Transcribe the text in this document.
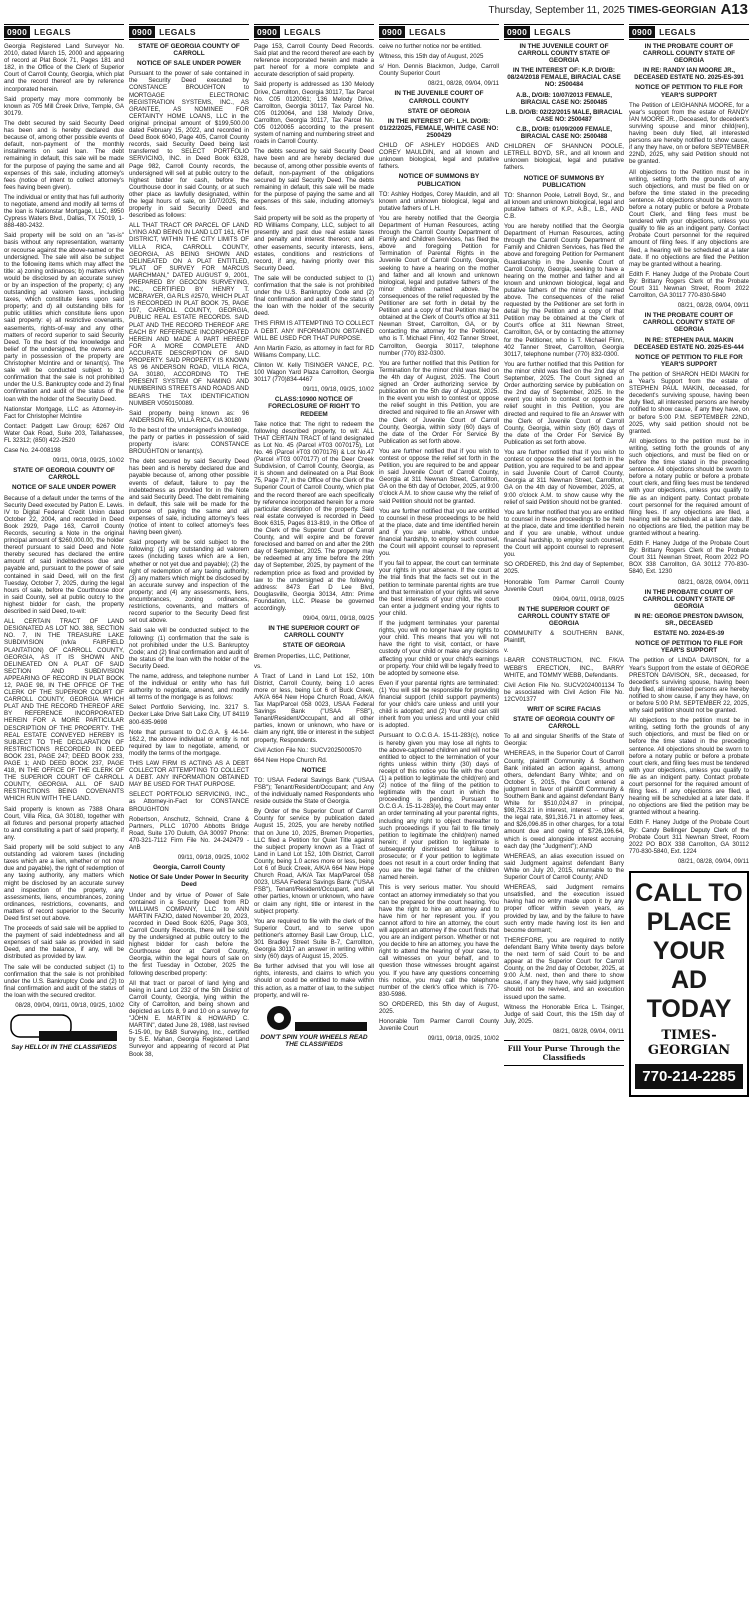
Thursday, September 11, 2025 TIMES-GEORGIAN A13
0900 LEGALS

Georgia Registered Land Surveyor No. 2010, dated March 15, 2000 and appearing of record at Plat Book 71, Pages 181 and 182, in the Office of the Clerk of Superior Court of Carroll County, Georgia, which plat and the record thereof are by reference incorporated herein.

Said property may more commonly be known as 705 Mill Creek Drive, Temple, GA 30179.

The debt secured by said Security Deed has been and is hereby declared due because of, among other possible events of default, non-payment of the monthly installments on said loan. The debt remaining in default, this sale will be made for the purpose of paying the same and all expenses of this sale, including attorney's fees (notice of intent to collect attorney's fees having been given).

The individual or entity that has full authority to negotiate, amend and modify all terms of the loan is Nationstar Mortgage, LLC, 8950 Cypress Waters Blvd., Dallas, TX 75019, 1-888-480-2432.

Said property will be sold on an "as-is" basis without any representation, warranty or recourse against the above-named or the undersigned. The sale will also be subject to the following items which may affect the title: a) zoning ordinances; b) matters which would be disclosed by an accurate survey or by an inspection of the property; c) any outstanding ad valorem taxes, including taxes, which constitute liens upon said property; and d) all outstanding bills for public utilities which constitute liens upon said property: e) all restrictive covenants, easements, rights-of-way and any other matters of record superior to said Security Deed. To the best of the knowledge and belief of the undersigned, the owners and party in possession of the property are Christopher McIntire and or tenant(s). The sale will be conducted subject to 1) confirmation that the sale is not prohibited under the U.S. Bankruptcy code and 2) final confirmation and audit of the status of the loan with the holder of the Security Deed.

Nationstar Mortgage, LLC as Attorney-in-Fact for Christopher McIntire

Contact: Padgett Law Group; 6267 Old Water Oak Road, Suite 203, Tallahassee, FL 32312; (850) 422-2520

Case No. 24-008198

09/11, 09/18, 09/25, 10/02

STATE OF GEORGIA COUNTY OF CARROLL

NOTICE OF SALE UNDER POWER

Because of a default under the terms of the Security Deed executed by Patton E. Lewis. IV to Digital Federal Credit Union dated October 22, 2004, and recorded in Deed Book 2929, Page 163, Carroll County Records, securing a Note in the original principal amount of $260,000.00, the holder thereof pursuant to said Deed and Note thereby secured has declared the entire amount of said indebtedness due and payable and, pursuant to the power of sale contained in said Deed, will on the first Tuesday, October 7, 2025, during the legal hours of sale, before the Courthouse door in said County, sell at public outcry to the highest bidder for cash, the property described in said Deed, to-wit:

ALL CERTAIN TRACT OF LAND DESIGNATED AS LOT NO. 388, SECTION NO. 7, IN THE TREASURE LAKE SUBDIVISION (n/k/a FAIRFIELD PLANTATION) OF CARROLL COUNTY, GEORGIA, AS IT IS SHOWN AND DELINEATED ON A PLAT OF SAID SECTION AND SUBDIVISION APPEARING OF RECORD IN PLAT BOOK 12, PAGE 98, IN THE OFFICE OF THE CLERK OF THE SUPERIOR COURT OF CARROLL COUNTY, GEORGIA WHICH PLAT AND THE RECORD THEREOF ARE BY REFERENCE INCORPORATED HEREIN FOR A MORE PARTICULAR DESCRIPTION OF THE PROPERTY. THE REAL ESTATE CONVEYED HEREBY IS SUBJECT TO THE DECLARATION OF RESTRICTIONS RECORDED IN DEED BOOK 231, PAGE 247; DEED BOOK 233, PAGE 1; AND DEED BOOK 237, PAGE 418, IN THE OFFICE OF THE CLERK OF THE SUPERIOR COURT OF CARROLL COUNTY, GEORGIA. ALL OF SAID RESTRICTIONS BEING COVENANTS WHICH RUN WITH THE LAND.

Said property is known as 7388 Ohara Court, Villa Rica, GA 30180, together with all fixtures and personal property attached to and constituting a part of said property, if any.

Said property will be sold subject to any outstanding ad valorem taxes (including taxes which are a lien, whether or not now due and payable), the right of redemption of any taxing authority, any matters which might be disclosed by an accurate survey and inspection of the property, any assessments, liens, encumbrances, zoning ordinances, restrictions, covenants, and matters of record superior to the Security Deed first set out above.

The proceeds of said sale will be applied to the payment of said indebtedness and all expenses of said sale as provided in said Deed, and the balance, if any, will be distributed as provided by law.

The sale will be conducted subject (1) to confirmation that the sale is not prohibited under the U.S. Bankruptcy Code and (2) to final confirmation and audit of the status of the loan with the secured creditor.

08/28, 09/04, 09/11, 09/18, 09/25, 10/02

Say HELLO! IN THE CLASSIFIEDS
0900 LEGALS

STATE OF GEORGIA COUNTY OF CARROLL

NOTICE OF SALE UNDER POWER

Pursuant to the power of sale contained in the Security Deed executed by CONSTANCE BROUGHTON to MORTGAGE ELECTRONIC REGISTRATION SYSTEMS, INC., AS GRANTEE, AS NOMINEE FOR CERTAINTY HOME LOANS, LLC in the original principal amount of $199,500.00 dated February 15, 2022, and recorded in Deed Book 6040, Page 405, Carroll County records, said Security Deed being last transferred to SELECT PORTFOLIO SERVICING, INC. in Deed Book 6328, Page 982, Carroll County records, the undersigned will sell at public outcry to the highest bidder for cash, before the Courthouse door in said County, or at such other place as lawfully designated, within the legal hours of sale, on 10/7/2025, the property in said Security Deed and described as follows:

ALL THAT TRACT OR PARCEL OF LAND LYING AND BEING IN LAND LOT 161, 6TH DISTRICT, WITHIN THE CITY LIMITS OF VILLA RICA, CARROLL COUNTY, GEORGIA, AS BEING SHOWN AND DELINEATED ON A PLAT ENTITLED, "PLAT OF SURVEY FOR MARCUS MARCHMAN," DATED AUGUST 9, 2001, PREPARED BY GEOCON SURVEYING, INC., CERTIFIED BY HENRY T. MCBRAYER, GA RLS #2570, WHICH PLAT IS RECORDED IN PLAT BOOK 75, PAGE 197, CARROLL COUNTY, GEORGIA, PUBLIC REAL ESTATE RECORDS. SAID PLAT AND THE RECORD THEREOF ARE EACH BY REFERENCE INCORPORATED HEREIN AND MADE A PART HEREOF FOR A MORE COMPLETE AND ACCURATE DESCRIPTION OF SAID PROPERTY. SAID PROPERTY IS KNOWN AS 96 ANDERSON ROAD, VILLA RICA, GA 30180, ACCORDING TO THE PRESENT SYSTEM OF NAMING AND NUMBERING STREETS AND ROADS AND BEARS THE TAX IDENTIFICATION NUMBER V050150089.

Said property being known as: 96 ANDERSON RD, VILLA RICA, GA 30180

To the best of the undersigned's knowledge, the party or parties in possession of said property is/are: CONSTANCE BROUGHTON or tenant(s).

The debt secured by said Security Deed has been and is hereby declared due and payable because of, among other possible events of default, failure to pay the indebtedness as provided for in the Note and said Security Deed. The debt remaining in default, this sale will be made for the purpose of paying the same and all expenses of sale, including attorney's fees (notice of intent to collect attorney's fees having been given).

Said property will be sold subject to the following: (1) any outstanding ad valorem taxes (including taxes which are a lien, whether or not yet due and payable); (2) the right of redemption of any taxing authority; (3) any matters which might be disclosed by an accurate survey and inspection of the property; and (4) any assessments, liens, encumbrances, zoning ordinances, restrictions, covenants, and matters of record superior to the Security Deed first set out above.

Said sale will be conducted subject to the following: (1) confirmation that the sale is not prohibited under the U.S. Bankruptcy Code; and (2) final confirmation and audit of the status of the loan with the holder of the Security Deed.

The name, address, and telephone number of the individual or entity who has full authority to negotiate, amend, and modify all terms of the mortgage is as follows:

Select Portfolio Servicing, Inc. 3217 S. Decker Lake Drive Salt Lake City, UT 84119 800-635-9698

Note that pursuant to O.C.G.A. § 44-14-162.2, the above individual or entity is not required by law to negotiate, amend, or modify the terms of the mortgage.

THIS LAW FIRM IS ACTING AS A DEBT COLLECTOR ATTEMPTING TO COLLECT A DEBT. ANY INFORMATION OBTAINED MAY BE USED FOR THAT PURPOSE.

SELECT PORTFOLIO SERVICING, INC., as Attorney-in-Fact for CONSTANCE BROUGHTON

Robertson, Anschutz, Schneid, Crane & Partners, PLLC 10700 Abbotts Bridge Road, Suite 170 Duluth, GA 30097 Phone: 470-321-7112 Firm File No. 24-242479 - AnB

09/11, 09/18, 09/25, 10/02

Georgia, Carroll County

Notice Of Sale Under Power In Security Deed

Under and by virtue of Power of Sale contained in a Security Deed from RD WILLIAMS COMPANY, LLC to ANN MARTIN FAZIO, dated November 20, 2023, recorded in Deed Book 6205, Page 303, Carroll County Records, there will be sold by the undersigned at public outcry to the highest bidder for cash before the Courthouse door at Carroll County, Georgia, within the legal hours of sale on the first Tuesday in October, 2025 the following described property:

All that tract or parcel of land lying and being in Land Lot 232 of the 5th District of Carroll County, Georgia, lying within the City of Carrollton, and being shown and depicted as Lots 8, 9 and 10 on a survey for "JOHN E. MARTIN & HOWARD C. MARTIN", dated June 28, 1988, last revised 5-15-90, by B&B Surveying, Inc., certified by S.E. Mahan, Georgia Registered Land Surveyor and appearing of record at Plat Book 38,

0900 LEGALS

Page 153, Carroll County Deed Records. Said plat and the record thereof are each by reference incorporated herein and made a part hereof for a more complete and accurate description of said property.

Said property is addressed as 130 Melody Drive, Carrollton, Georgia 30117, Tax Parcel No. C05 0120061; 136 Melody Drive, Carrollton, Georgia 30117, Tax Parcel No. C05 0120064, and 138 Melody Drive, Carrollton, Georgia 30117, Tax Parcel No. C05 0120065 according to the present system of naming and numbering street and roads in Carroll County.

The debts secured by said Security Deed have been and are hereby declared due because of, among other possible events of default, non-payment of the obligations secured by said Security Deed. The debts remaining in default, this sale will be made for the purpose of paying the same and all expenses of this sale, including attorney's fees.

Said property will be sold as the property of RD Williams Company, LLC, subject to all presently and past due real estate taxes and penalty and interest thereon; and all other easements, security interests, liens, estates, conditions and restrictions of record, if any, having priority over this Security Deed.

The sale will be conducted subject to (1) confirmation that the sale is not prohibited under the U.S. Bankruptcy Code and (2) final confirmation and audit of the status of the loan with the holder of the security deed.

THIS FIRM IS ATTEMPTING TO COLLECT A DEBT. ANY INFORMATION OBTAINED WILL BE USED FOR THAT PURPOSE.

Ann Martin Fazio, as attorney in fact for RD Williams Company, LLC.

Clinton W. Kelly TISINGER VANCE, P.C. 100 Wagon Yard Plaza Carrollton, Georgia 30117 (770)834-4467

09/11, 09/18, 09/25, 10/02

CLASS:10900 NOTICE OF FORECLOSURE OF RIGHT TO REDEEM

Take notice that: The right to redeem the following described property, to wit: ALL THAT CERTAIN TRACT of land designated as Lot No. 45 (Parcel #T03 0070175), Lot No. 46 (Parcel #T03 0070176) & Lot No.47 (Parcel #T03 0070177) of the Deer Creek Subdivision, of Carroll County, Georgia, as it is shown and delineated on a Plat Book 75, Page 77, in the Office of the Clerk of the Superior Court of Carroll County, which plat and the record thereof are each specifically by reference incorporated herein for a more particular description of the property. Said real estate conveyed is recorded in Deed Book 6315, Pages 813-819, in the Office of the Clerk of the Superior Court of Carroll County, and will expire and be forever foreclosed and barred on and after the 29th day of September, 2025. The property may be redeemed at any time before the 29th day of September, 2025, by payment of the redemption price as fixed and provided by law to the undersigned at the following address: 8473 Earl D Lee Blvd, Douglasville, Georgia 30134, Attn: Prime Foundation, LLC. Please be governed accordingly.

09/04, 09/11, 09/18, 09/25

IN THE SUPERIOR COURT OF CARROLL COUNTY

STATE OF GEORGIA

Bremen Properties, LLC, Petitioner,

vs.

A Tract of Land in Land Lot 152, 10th District, Carroll County, being 1.0 acres more or less, being Lot 6 of Buck Creek, A/K/A 664 New Hope Church Road, A/K/A Tax Map/Parcel 058 0023, USAA Federal Savings Bank ("USAA FSB"), Tenant/Resident/Occupant, and all other parties, known or unknown, who have or claim any right, title or interest in the subject property, Respondents.

Civil Action File No.: SUCV2025000570

664 New Hope Church Rd.

NOTICE

TO: USAA Federal Savings Bank ("USAA FSB"); Tenant/Resident/Occupant; and Any of the individually named Respondents who reside outside the State of Georgia.

By Order of the Superior Court of Carroll County for service by publication dated August 15, 2025, you are hereby notified that on June 10, 2025, Bremen Properties, LLC filed a Petition for Quiet Title against the subject property known as a Tract of Land in Land Lot 152, 10th District, Carroll County, being 1.0 acres more or less, being Lot 6 of Buck Creek, A/K/A 664 New Hope Church Road, A/K/A Tax Map/Parcel 058 0023, USAA Federal Savings Bank ("USAA FSB"), Tenant/Resident/Occupant, and all other parties, known or unknown, who have or claim any right, title or interest in the subject property.

You are required to file with the clerk of the Superior Court, and to serve upon petitioner's attorney Basil Law Group, LLC, 301 Bradley Street Suite B-7, Carrollton, Georgia 30117 an answer in writing within sixty (60) days of August 15, 2025.

Be further advised that you will lose all rights, interests, and claims to which you should or could be entitled to make within this action, as a matter of law, to the subject property, and will re-

DON'T SPIN YOUR WHEELS READ THE CLASSIFIEDS
0900 LEGALS

ceive no further notice nor be entitled.

Witness, this 15th day of August, 2025

s/ Hon. Dennis Blackmon, Judge, Carroll County Superior Court

08/21, 08/28, 09/04, 09/11

IN THE JUVENILE COURT OF CARROLL COUNTY

STATE OF GEORGIA

IN THE INTEREST OF: L.H. D/O/B: 01/22/2025, FEMALE, WHITE CASE NO: 2500429

CHILD OF ASHLEY HODGES AND COREY MAULDIN, and all known and unknown biological, legal and putative fathers.

NOTICE OF SUMMONS BY PUBLICATION

TO: Ashley Hodges, Corey Mauldin, and all known and unknown biological, legal and putative fathers of L.H.

You are hereby notified that the Georgia Department of Human Resources, acting through the Carroll County Department of Family and Children Services, has filed the above and foregoing Petition for Termination of Parental Rights in the Juvenile Court of Carroll County, Georgia, seeking to have a hearing on the mother and father and all known and unknown biological, legal and putative fathers of the minor children named above. The consequences of the relief requested by the Petitioner are set forth in detail by the Petition and a copy of that Petition may be obtained at the Clerk of Court's office at 311 Newnan Street, Carrollton, GA, or by contacting the attorney for the Petitioner, who is T. Michael Flinn, 402 Tanner Street, Carrollton, Georgia 30117, telephone number (770) 832-0300.

You are further notified that this Petition for Termination for the minor child was filed on the 4th day of August, 2025. The Court signed an Order authorizing service by publication on the 5th day of August, 2025. In the event you wish to contest or oppose the relief sought in this Petition, you are directed and required to file an Answer with the Clerk of Juvenile Court of Carroll County, Georgia, within sixty (60) days of the date of the Order For Service By Publication as set forth above.

You are further notified that if you wish to contest or oppose the relief set forth in the Petition, you are required to be and appear in said Juvenile Court of Carroll County, Georgia at 311 Newnan Street, Carrollton, GA on the 6th day of October, 2025, at 9:00 o'clock A.M. to show cause why the relief of said Petition should not be granted.

You are further notified that you are entitled to counsel in these proceedings to be held at the place, date and time identified herein and if you are unable, without undue financial hardship, to employ such counsel, the Court will appoint counsel to represent you.

If you fail to appear, the court can terminate your rights in your absence. If the court at the trial finds that the facts set out in the petition to terminate parental rights are true and that termination of your rights will serve the best interests of your child, the court can enter a judgment ending your rights to your child.

If the judgment terminates your parental rights, you will no longer have any rights to your child. This means that you will not have the right to visit, contact, or have custody of your child or make any decisions affecting your child or your child's earnings or property. Your child will be legally freed to be adopted by someone else.

Even if your parental rights are terminated: (1) You will still be responsible for providing financial support (child support payments) for your child's care unless and until your child is adopted; and (2) Your child can still inherit from you unless and until your child is adopted.

Pursuant to O.C.G.A. 15-11-283(c), notice is hereby given you may lose all rights to the above-captioned children and will not be entitled to object to the termination of your rights unless within thirty (30) days of receipt of this notice you file with the court (1) a petition to legitimate the child(ren) and (2) notice of the filing of the petition to legitimate with the court in which the proceeding is pending. Pursuant to O.C.G.A. 15-11-283(e), the Court may enter an order terminating all your parental rights, including any right to object thereafter to such proceedings if you fail to file timely petition to legitimate the child(ren) named herein; if your petition to legitimate is subsequently dismissed for failure to prosecute; or if your petition to legitimate does not result in a court order finding that you are the legal father of the children named herein.

This is very serious matter. You should contact an attorney immediately so that you can be prepared for the court hearing. You have the right to hire an attorney and to have him or her represent you. If you cannot afford to hire an attorney, the court will appoint an attorney if the court finds that you are an indigent person. Whether or not you decide to hire an attorney, you have the right to attend the hearing of your case, to call witnesses on your behalf, and to question those witnesses brought against you. If you have any questions concerning this notice, you may call the telephone number of the clerk's office which is 770-830-5986.

SO ORDERED, this 5th day of August, 2025.

Honorable Tom Parmer Carroll County Juvenile Court

09/11, 09/18, 09/25, 10/02

0900 LEGALS

IN THE JUVENILE COURT OF CARROLL COUNTY STATE OF GEORGIA

IN THE INTEREST OF: K.P. D/O/B: 08/24/2018 FEMALE, BIRACIAL CASE NO: 2500484

A.B., D/O/B: 10/07/2013 FEMALE, BIRACIAL CASE NO: 2500485

L.B. D/O/B: 02/22/2015 MALE, BIRACIAL CASE NO: 2500487

C.B., D/O/B: 01/09/2009 FEMALE, BIRACIAL CASE NO: 2500488

CHILDREN OF SHANNON POOLE, LETRELL BOYD, SR., and all known and unknown biological, legal and putative fathers.

NOTICE OF SUMMONS BY PUBLICATION

TO: Shannon Poole, Letrell Boyd, Sr., and all known and unknown biological, legal and putative fathers of K.P., A.B., L.B., AND C.B.

You are hereby notified that the Georgia Department of Human Resources, acting through the Carroll County Department of Family and Children Services, has filed the above and foregoing Petition for Permanent Guardianship in the Juvenile Court of Carroll County, Georgia, seeking to have a hearing on the mother and father and all known and unknown biological, legal and putative fathers of the minor child named above. The consequences of the relief requested by the Petitioner are set forth in detail by the Petition and a copy of that Petition may be obtained at the Clerk of Court's office at 311 Newnan Street, Carrollton, GA, or by contacting the attorney for the Petitioner, who is T. Michael Flinn, 402 Tanner Street, Carrollton, Georgia 30117, telephone number (770) 832-0300.

You are further notified that this Petition for the minor child was filed on the 2nd day of September, 2025. The Court signed an Order authorizing service by publication on the 2nd day of September, 2025. In the event you wish to contest or oppose the relief sought in this Petition, you are directed and required to file an Answer with the Clerk of Juvenile Court of Carroll County, Georgia, within sixty (60) days of the date of the Order For Service By Publication as set forth above.

You are further notified that if you wish to contest or oppose the relief set forth in the Petition, you are required to be and appear in said Juvenile Court of Carroll County, Georgia at 311 Newnan Street, Carrollton, GA on the 4th day of November, 2025, at 9:00 o'clock A.M. to show cause why the relief of said Petition should not be granted.

You are further notified that you are entitled to counsel in these proceedings to be held at the place, date and time identified herein and if you are unable, without undue financial hardship, to employ such counsel, the Court will appoint counsel to represent you.

SO ORDERED, this 2nd day of September, 2025.

Honorable Tom Parmer Carroll County Juvenile Court

09/04, 09/11, 09/18, 09/25

IN THE SUPERIOR COURT OF CARROLL COUNTY STATE OF GEORGIA

COMMUNITY & SOUTHERN BANK, Plaintiff,

v.

I-BARR CONSTRUCTION, INC. F/K/A WEBB'S ERECTION, INC., BARRY WHITE, and TOMMY WEBB, Defendants.

Civil Action File No. SUCV2024001134 To be associated with Civil Action File No. 12CV01377

WRIT OF SCIRE FACIAS

STATE OF GEORGIA COUNTY OF CARROLL

To all and singular Sheriffs of the State of Georgia:

WHEREAS, in the Superior Court of Carroll County, plaintiff Community & Southern Bank initiated an action against, among others, defendant Barry White; and on October 5, 2015, the Court entered a judgment in favor of plaintiff Community & Southern Bank and against defendant Barry White for $510,024.87 in principal, $98,753.21 in interest, interest -- other at the legal rate, $91,316.71 in attorney fees, and $26,096.85 in other charges, for a total amount due and owing of $726,196.64, which is owed alongside interest accruing each day (the "Judgment"); AND

WHEREAS, an alias execution issued on said Judgment against defendant Barry White on July 20, 2015, returnable to the Superior Court of Carroll County; AND

WHEREAS, said Judgment remains unsatisfied, and the execution issued having had no entry made upon it by any proper officer within seven years, as provided by law, and by the failure to have such entry made having lost its lien and become dormant;

THEREFORE, you are required to notify defendant Barry White twenty days before the next term of said Court to be and appear at the Superior Court for Carroll County, on the 2nd day of October, 2025, at 9:00 A.M. next, then and there to show cause, if any they have, why said judgment should not be revived, and an execution issued upon the same.

Witness the Honorable Erica L. Tisinger, Judge of said Court, this the 15th day of July, 2025.

08/21, 08/28, 09/04, 09/11

Fill Your Purse Through the Classifieds
0900 LEGALS

IN THE PROBATE COURT OF CARROLL COUNTY STATE OF GEORGIA

IN RE: RANDY IAN MOORE JR., DECEASED ESTATE NO. 2025-ES-391

NOTICE OF PETITION TO FILE FOR YEAR'S SUPPORT

The Petition of LEIGHANNA MOORE, for a year's support from the estate of RANDY IAN MOORE JR., Deceased, for decedent's surviving spouse and minor child(ren), having been duly filed, all interested persons are hereby notified to show cause, if any they have, on or before SEPTEMBER 22ND, 2025, why said Petition should not be granted.

All objections to the Petition must be in writing, setting forth the grounds of any such objections, and must be filed on or before the time stated in the preceding sentence. All objections should be sworn to before a notary public or before a Probate Court Clerk, and filing fees must be tendered with your objections, unless you qualify to file as an indigent party. Contact Probate Court personnel for the required amount of filing fees. If any objections are filed, a hearing will be scheduled at a later date. If no objections are filed the Petition may be granted without a hearing.

Edith F. Haney Judge of the Probate Court By: Brittany Rogers Clerk of the Probate Court 311 Newnan Street, Room 2022 Carrollton, GA 30117 770-830-5840

08/21, 08/28, 09/04, 09/11

IN THE PROBATE COURT OF CARROLL COUNTY STATE OF GEORGIA

IN RE: STEPHEN PAUL MAKIN DECEASED ESTATE NO. 2025-ES-444

NOTICE OF PETITION TO FILE FOR YEAR'S SUPPORT

The petition of SHARON HEIDI MAKIN for a Year's Support from the estate of STEPHEN PAUL MAKIN, deceased, for decedent's surviving spouse, having been duly filed, all interested persons are hereby notified to show cause, if any they have, on or before 5:00 P.M. SEPTEMBER 22ND, 2025, why said petition should not be granted.

All objections to the petition must be in writing, setting forth the grounds of any such objections, and must be filed on or before the time stated in the preceding sentence. All objections should be sworn to before a notary public or before a probate court clerk, and filing fees must be tendered with your objections, unless you qualify to file as an indigent party. Contact probate court personnel for the required amount of filing fees. If any objections are filed, a hearing will be scheduled at a later date. If no objections are filed, the petition may be granted without a hearing.

Edith F. Haney Judge of the Probate Court By: Brittany Rogers Clerk of the Probate Court 311 Newnan Street, Room 2022 PO BOX 338 Carrollton, GA 30112 770-830-5840, Ext. 1230

08/21, 08/28, 09/04, 09/11

IN THE PROBATE COURT OF CARROLL COUNTY STATE OF GEORGIA

IN RE: GEORGE PRESTON DAVISON, SR., DECEASED

ESTATE NO. 2024-ES-39

NOTICE OF PETITION TO FILE FOR YEAR'S SUPPORT

The petition of LINDA DAVISON, for a Year's Support from the estate of GEORGE PRESTON DAVISON, SR., deceased, for decedent's surviving spouse, having been duly filed, all interested persons are hereby notified to show cause, if any they have, on or before 5:00 P.M. SEPTEMBER 22, 2025, why said petition should not be granted.

All objections to the petition must be in writing, setting forth the grounds of any such objections, and must be filed on or before the time stated in the preceding sentence. All objections should be sworn to before a notary public or before a probate court clerk, and filing fees must be tendered with your objections, unless you qualify to file as an indigent party. Contact probate court personnel for the required amount of filing fees. If any objections are filed, a hearing will be scheduled at a later date. If no objections are filed the petition may be granted without a hearing.

Edith F. Haney Judge of the Probate Court By: Candy Bellinger Deputy Clerk of the Probate Court 311 Newnan Street, Room 2022 PO BOX 338 Carrollton, GA 30112 770-830-5840, Ext. 1224

08/21, 08/28, 09/04, 09/11

CALL TO PLACE YOUR AD TODAY
TIMES-GEORGIAN
770-214-2285
